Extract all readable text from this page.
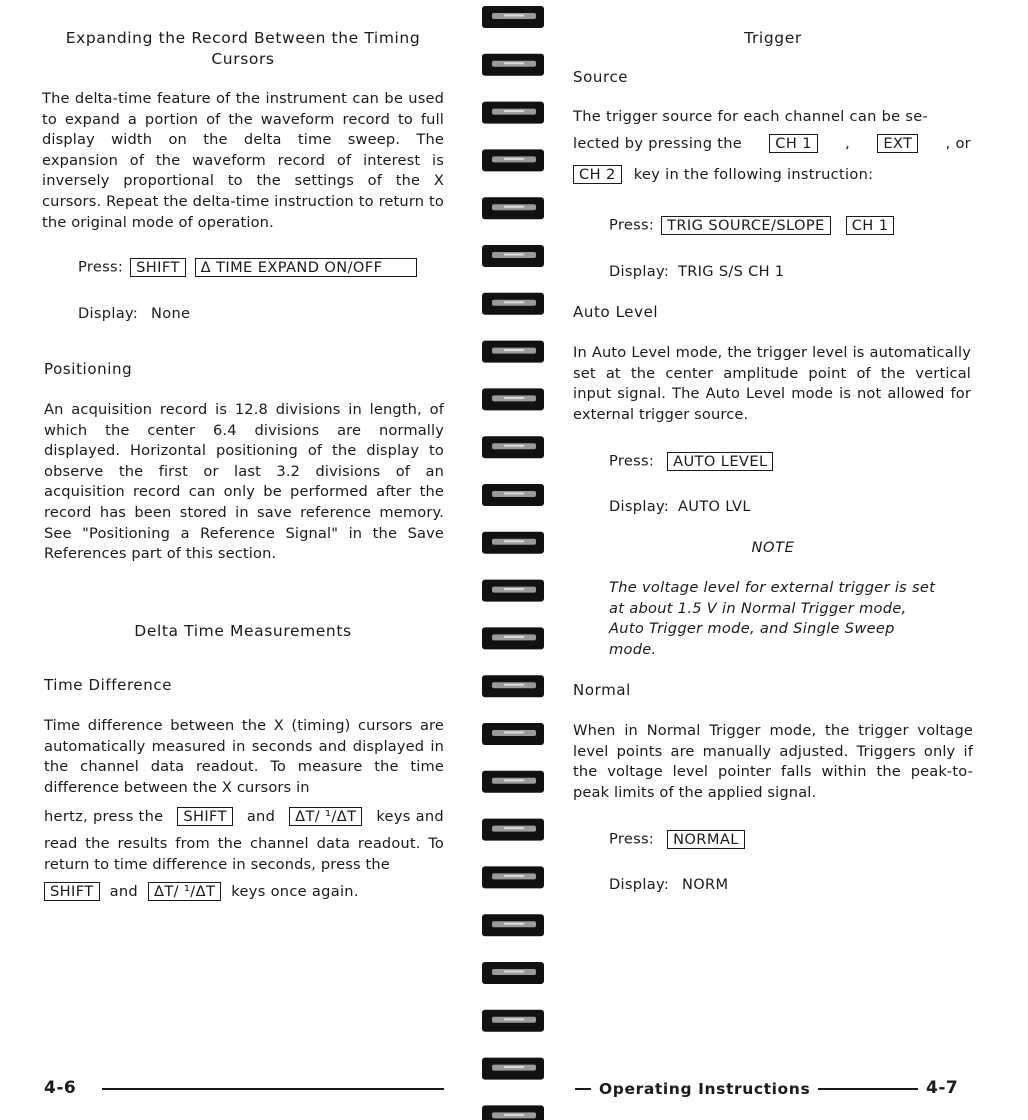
Expanding the Record Between the Timing Cursors

The delta-time feature of the instrument can be used to expand a portion of the waveform record to full display width on the delta time sweep. The expansion of the waveform record of interest is inversely proportional to the settings of the X cursors. Repeat the delta-time instruction to return to the original mode of operation.

Press: SHIFT Δ TIME EXPAND ON/OFF
Display: None
Positioning

An acquisition record is 12.8 divisions in length, of which the center 6.4 divisions are normally displayed. Horizontal positioning of the display to observe the first or last 3.2 divisions of an acquisition record can only be performed after the record has been stored in save reference memory. See "Positioning a Reference Signal" in the Save References part of this section.

Delta Time Measurements
Time Difference

Time difference between the X (timing) cursors are automatically measured in seconds and displayed in the channel data readout. To measure the time difference between the X cursors in

hertz, press the	SHIFT	and	ΔT/ ¹/ΔT	keys and

read the results from the channel data readout. To return to time difference in seconds, press the

SHIFT	and	ΔT/ ¹/ΔT	keys once again.
4-6
Trigger
Source
The trigger source for each channel can be se-
lected by pressing the	CH 1	,	EXT	, or
CH 2	key in the following instruction:
Press: TRIG SOURCE/SLOPE CH 1
Display: TRIG S/S CH 1
Auto Level

In Auto Level mode, the trigger level is automatically set at the center amplitude point of the vertical input signal. The Auto Level mode is not allowed for external trigger source.

Press: AUTO LEVEL
Display: AUTO LVL
NOTE

The voltage level for external trigger is set at about 1.5 V in Normal Trigger mode, Auto Trigger mode, and Single Sweep mode.

Normal

When in Normal Trigger mode, the trigger voltage level points are manually adjusted. Triggers only if the voltage level pointer falls within the peak-to-peak limits of the applied signal.

Press: NORMAL
Display: NORM
Operating Instructions	4-7
